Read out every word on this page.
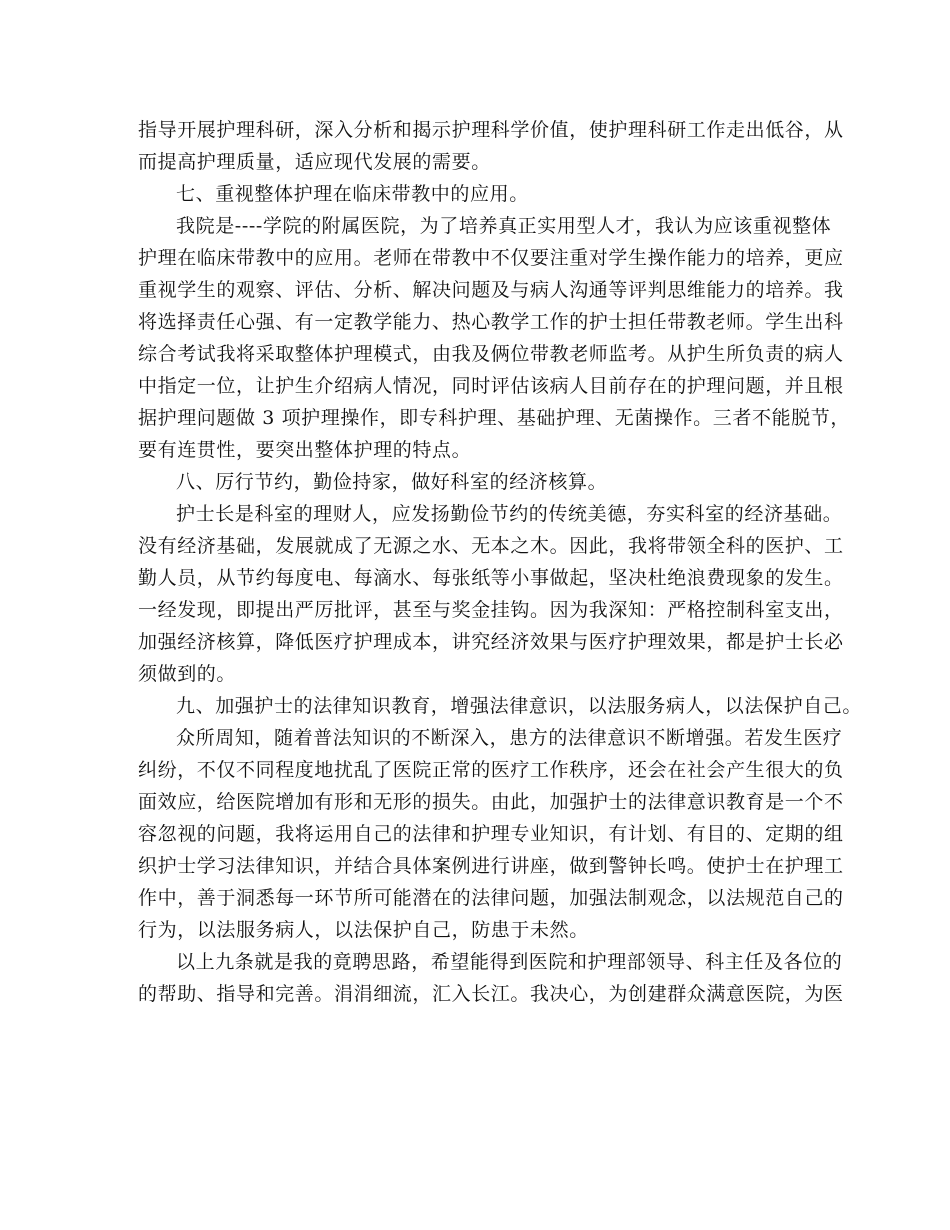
指导开展护理科研，深入分析和揭示护理科学价值，使护理科研工作走出低谷，从
而提高护理质量，适应现代发展的需要。
七、重视整体护理在临床带教中的应用。
我院是----学院的附属医院，为了培养真正实用型人才，我认为应该重视整体
护理在临床带教中的应用。老师在带教中不仅要注重对学生操作能力的培养，更应
重视学生的观察、评估、分析、解决问题及与病人沟通等评判思维能力的培养。我
将选择责任心强、有一定教学能力、热心教学工作的护士担任带教老师。学生出科
综合考试我将采取整体护理模式，由我及俩位带教老师监考。从护生所负责的病人
中指定一位，让护生介绍病人情况，同时评估该病人目前存在的护理问题，并且根
据护理问题做 3 项护理操作，即专科护理、基础护理、无菌操作。三者不能脱节，
要有连贯性，要突出整体护理的特点。
八、厉行节约，勤俭持家，做好科室的经济核算。
护士长是科室的理财人，应发扬勤俭节约的传统美德，夯实科室的经济基础。
没有经济基础，发展就成了无源之水、无本之木。因此，我将带领全科的医护、工
勤人员，从节约每度电、每滴水、每张纸等小事做起，坚决杜绝浪费现象的发生。
一经发现，即提出严厉批评，甚至与奖金挂钩。因为我深知：严格控制科室支出，
加强经济核算，降低医疗护理成本，讲究经济效果与医疗护理效果，都是护士长必
须做到的。
九、加强护士的法律知识教育，增强法律意识，以法服务病人，以法保护自己。
众所周知，随着普法知识的不断深入，患方的法律意识不断增强。若发生医疗
纠纷，不仅不同程度地扰乱了医院正常的医疗工作秩序，还会在社会产生很大的负
面效应，给医院增加有形和无形的损失。由此，加强护士的法律意识教育是一个不
容忽视的问题，我将运用自己的法律和护理专业知识，有计划、有目的、定期的组
织护士学习法律知识，并结合具体案例进行讲座，做到警钟长鸣。使护士在护理工
作中，善于洞悉每一环节所可能潜在的法律问题，加强法制观念，以法规范自己的
行为，以法服务病人，以法保护自己，防患于未然。
以上九条就是我的竟聘思路，希望能得到医院和护理部领导、科主任及各位的
的帮助、指导和完善。涓涓细流，汇入长江。我决心，为创建群众满意医院，为医
